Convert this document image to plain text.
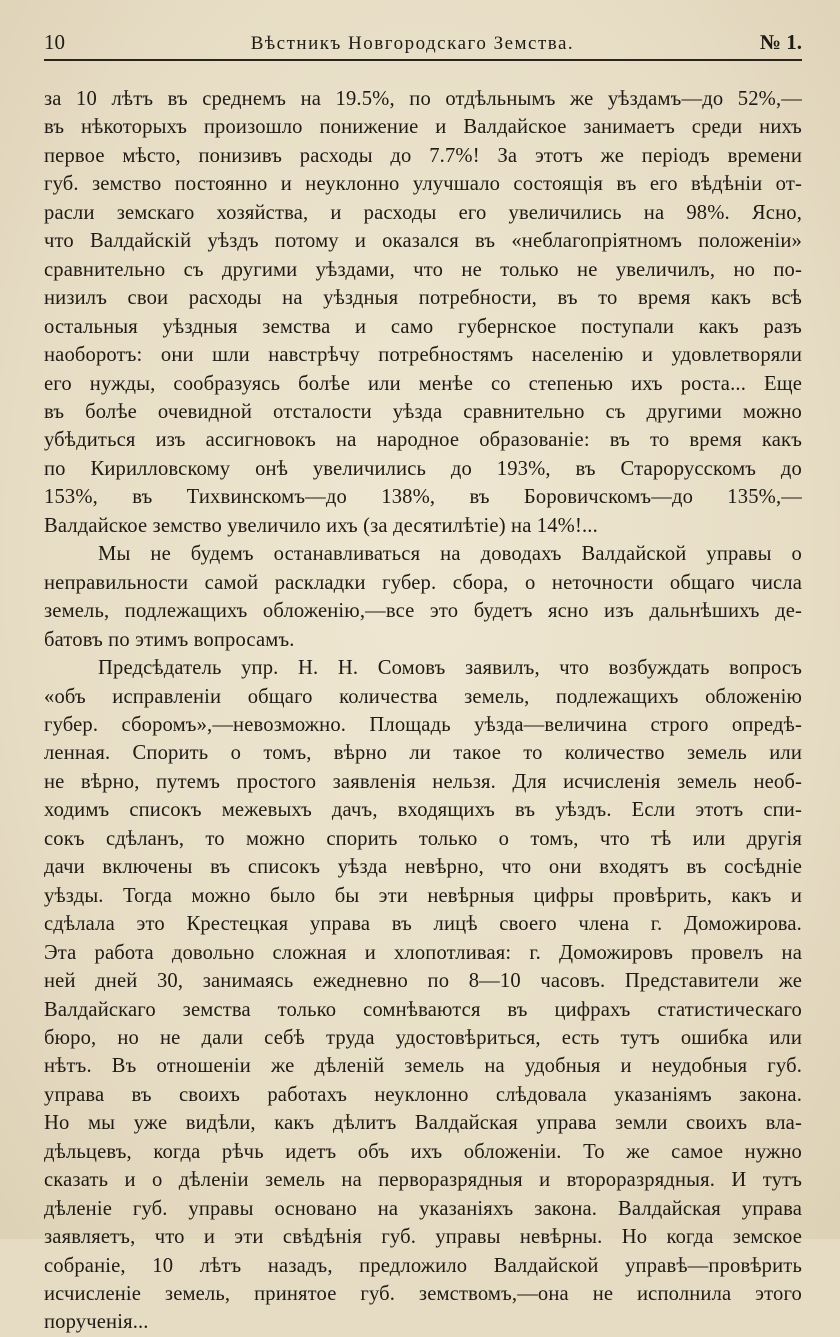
10	Вѣстникъ Новгородскаго Земства.	№ 1.

за 10 лѣтъ въ среднемъ на 19.5%, по отдѣльнымъ же уѣздамъ—до 52%,—
въ нѣкоторыхъ произошло понижение и Валдайское занимаетъ среди нихъ
первое мѣсто, понизивъ расходы до 7.7%! За этотъ же періодъ времени
губ. земство постоянно и неуклонно улучшало состоящія въ его вѣдѣніи от-
расли земскаго хозяйства, и расходы его увеличились на 98%. Ясно,
что Валдайскій уѣздъ потому и оказался въ «неблагопріятномъ положеніи»
сравнительно съ другими уѣздами, что не только не увеличилъ, но по-
низилъ свои расходы на уѣздныя потребности, въ то время какъ всѣ
остальныя уѣздныя земства и само губернское поступали какъ разъ
наоборотъ: они шли навстрѣчу потребностямъ населенію и удовлетворяли
его нужды, сообразуясь болѣе или менѣе со степенью ихъ роста... Еще
въ болѣе очевидной отсталости уѣзда сравнительно съ другими можно
убѣдиться изъ ассигновокъ на народное образованіе: въ то время какъ
по Кирилловскому онѣ увеличились до 193%, въ Старорусскомъ до
153%, въ Тихвинскомъ—до 138%, въ Боровичскомъ—до 135%,—
Валдайское земство увеличило ихъ (за десятилѣтіе) на 14%!...

Мы не будемъ останавливаться на доводахъ Валдайской управы о
неправильности самой раскладки губер. сбора, о неточности общаго числа
земель, подлежащихъ обложенію,—все это будетъ ясно изъ дальнѣшихъ де-
батовъ по этимъ вопросамъ.

Предсѣдатель упр. Н. Н. Сомовъ заявилъ, что возбуждать вопросъ
«объ исправленіи общаго количества земель, подлежащихъ обложенію
губер. сборомъ»,—невозможно. Площадь уѣзда—величина строго опредѣ-
ленная. Спорить о томъ, вѣрно ли такое то количество земель или
не вѣрно, путемъ простого заявленія нельзя. Для исчисленія земель необ-
ходимъ списокъ межевыхъ дачъ, входящихъ въ уѣздъ. Если этотъ спи-
сокъ сдѣланъ, то можно спорить только о томъ, что тѣ или другія
дачи включены въ списокъ уѣзда невѣрно, что они входятъ въ сосѣдніе
уѣзды. Тогда можно было бы эти невѣрныя цифры провѣрить, какъ и
сдѣлала это Крестецкая управа въ лицѣ своего члена г. Доможирова.
Эта работа довольно сложная и хлопотливая: г. Доможировъ провелъ на
ней дней 30, занимаясь ежедневно по 8—10 часовъ. Представители же
Валдайскаго земства только сомнѣваются въ цифрахъ статистическаго
бюро, но не дали себѣ труда удостовѣриться, есть тутъ ошибка или
нѣтъ. Въ отношеніи же дѣленій земель на удобныя и неудобныя губ.
управа въ своихъ работахъ неуклонно слѣдовала указаніямъ закона.
Но мы уже видѣли, какъ дѣлитъ Валдайская управа земли своихъ вла-
дѣльцевъ, когда рѣчь идетъ объ ихъ обложеніи. То же самое нужно
сказать и о дѣленіи земель на перворазрядныя и второразрядныя. И тутъ
дѣленіе губ. управы основано на указаніяхъ закона. Валдайская управа
заявляетъ, что и эти свѣдѣнія губ. управы невѣрны. Но когда земское
собраніе, 10 лѣтъ назадъ, предложило Валдайской управѣ—провѣрить
исчисленіе земель, принятое губ. земствомъ,—она не исполнила этого
порученія...
